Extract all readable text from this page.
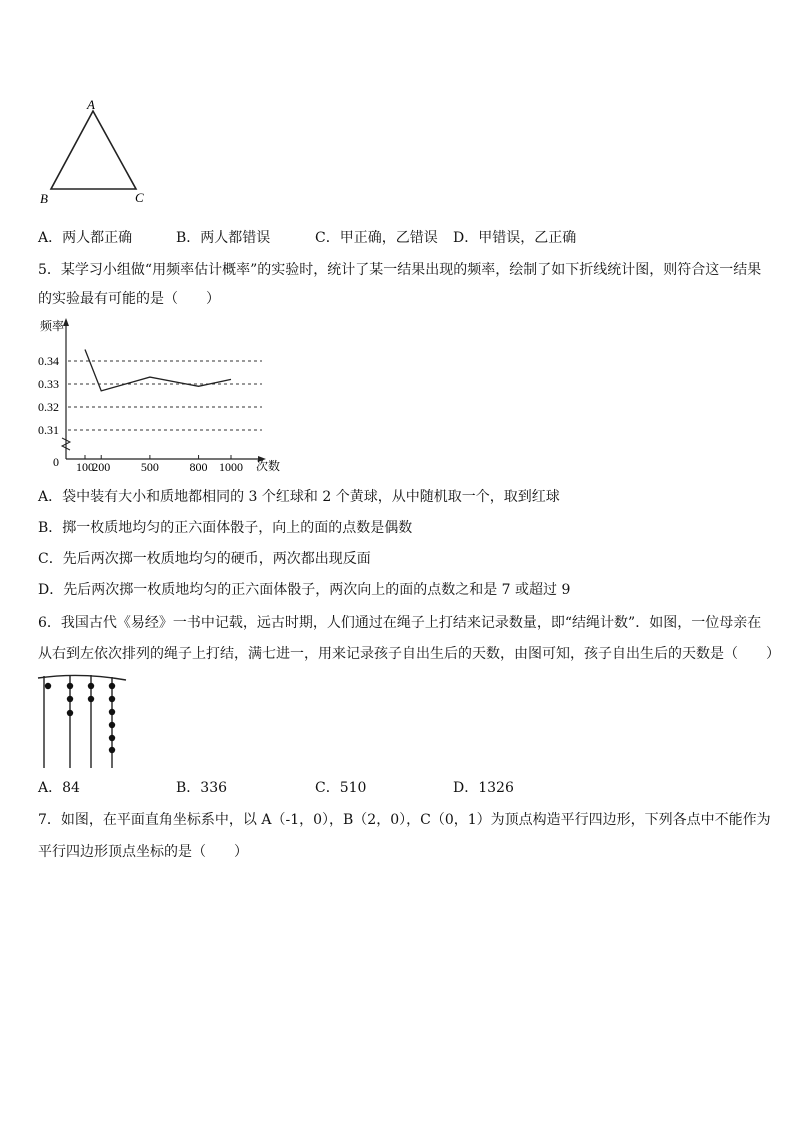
A
B	C
A．两人都正确	B．两人都错误	C．甲正确，乙错误 D．甲错误，乙正确
5．某学习小组做“用频率估计概率”的实验时，统计了某一结果出现的频率，绘制了如下折线统计图，则符合这一结果
的实验最有可能的是（　　）
频率
次数
0
0.34
0.33
0.32
0.31
100
200	500	800 1000
A．袋中装有大小和质地都相同的 3 个红球和 2 个黄球，从中随机取一个，取到红球
B．掷一枚质地均匀的正六面体骰子，向上的面的点数是偶数
C．先后两次掷一枚质地均匀的硬币，两次都出现反面
D．先后两次掷一枚质地均匀的正六面体骰子，两次向上的面的点数之和是 7 或超过 9
6．我国古代《易经》一书中记载，远古时期，人们通过在绳子上打结来记录数量，即“结绳计数”．如图，一位母亲在
从右到左依次排列的绳子上打结，满七进一，用来记录孩子自出生后的天数，由图可知，孩子自出生后的天数是（　　）
A．84	B．336	C．510	D．1326
7．如图，在平面直角坐标系中，以 A（-1，0），B（2，0），C（0，1）为顶点构造平行四边形，下列各点中不能作为
平行四边形顶点坐标的是（　　）
